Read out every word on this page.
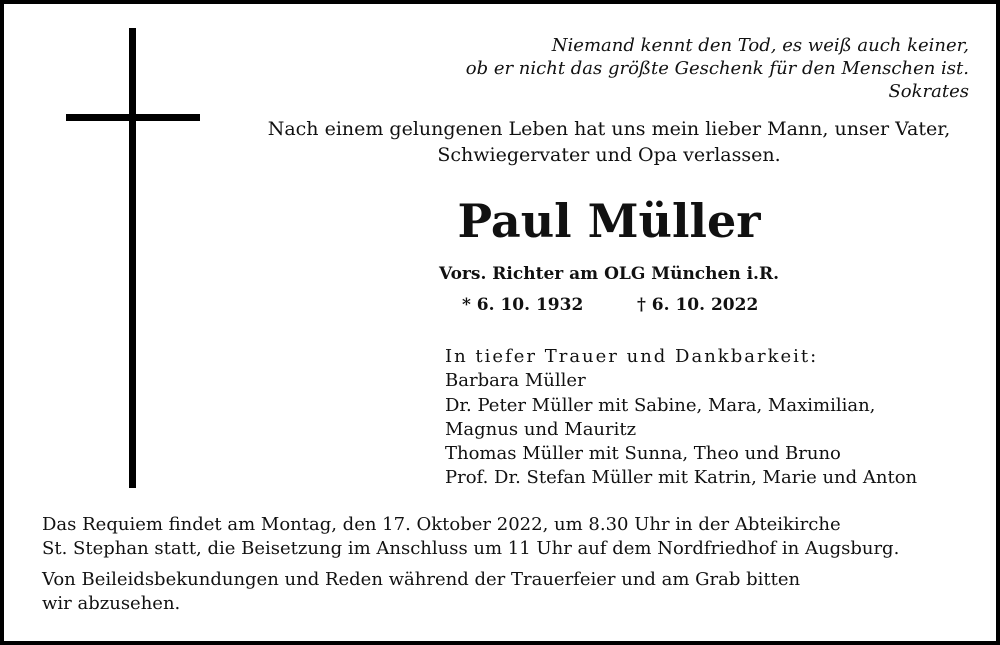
Niemand kennt den Tod, es weiß auch keiner,
ob er nicht das größte Geschenk für den Menschen ist.
Sokrates
Nach einem gelungenen Leben hat uns mein lieber Mann, unser Vater,
Schwiegervater und Opa verlassen.
Paul Müller
Vors. Richter am OLG München i.R.
* 6. 10. 1932	† 6. 10. 2022
In tiefer Trauer und Dankbarkeit:
Barbara Müller
Dr. Peter Müller mit Sabine, Mara, Maximilian,
Magnus und Mauritz
Thomas Müller mit Sunna, Theo und Bruno
Prof. Dr. Stefan Müller mit Katrin, Marie und Anton
Das Requiem findet am Montag, den 17. Oktober 2022, um 8.30 Uhr in der Abteikirche
St. Stephan statt, die Beisetzung im Anschluss um 11 Uhr auf dem Nordfriedhof in Augsburg.
Von Beileidsbekundungen und Reden während der Trauerfeier und am Grab bitten
wir abzusehen.
